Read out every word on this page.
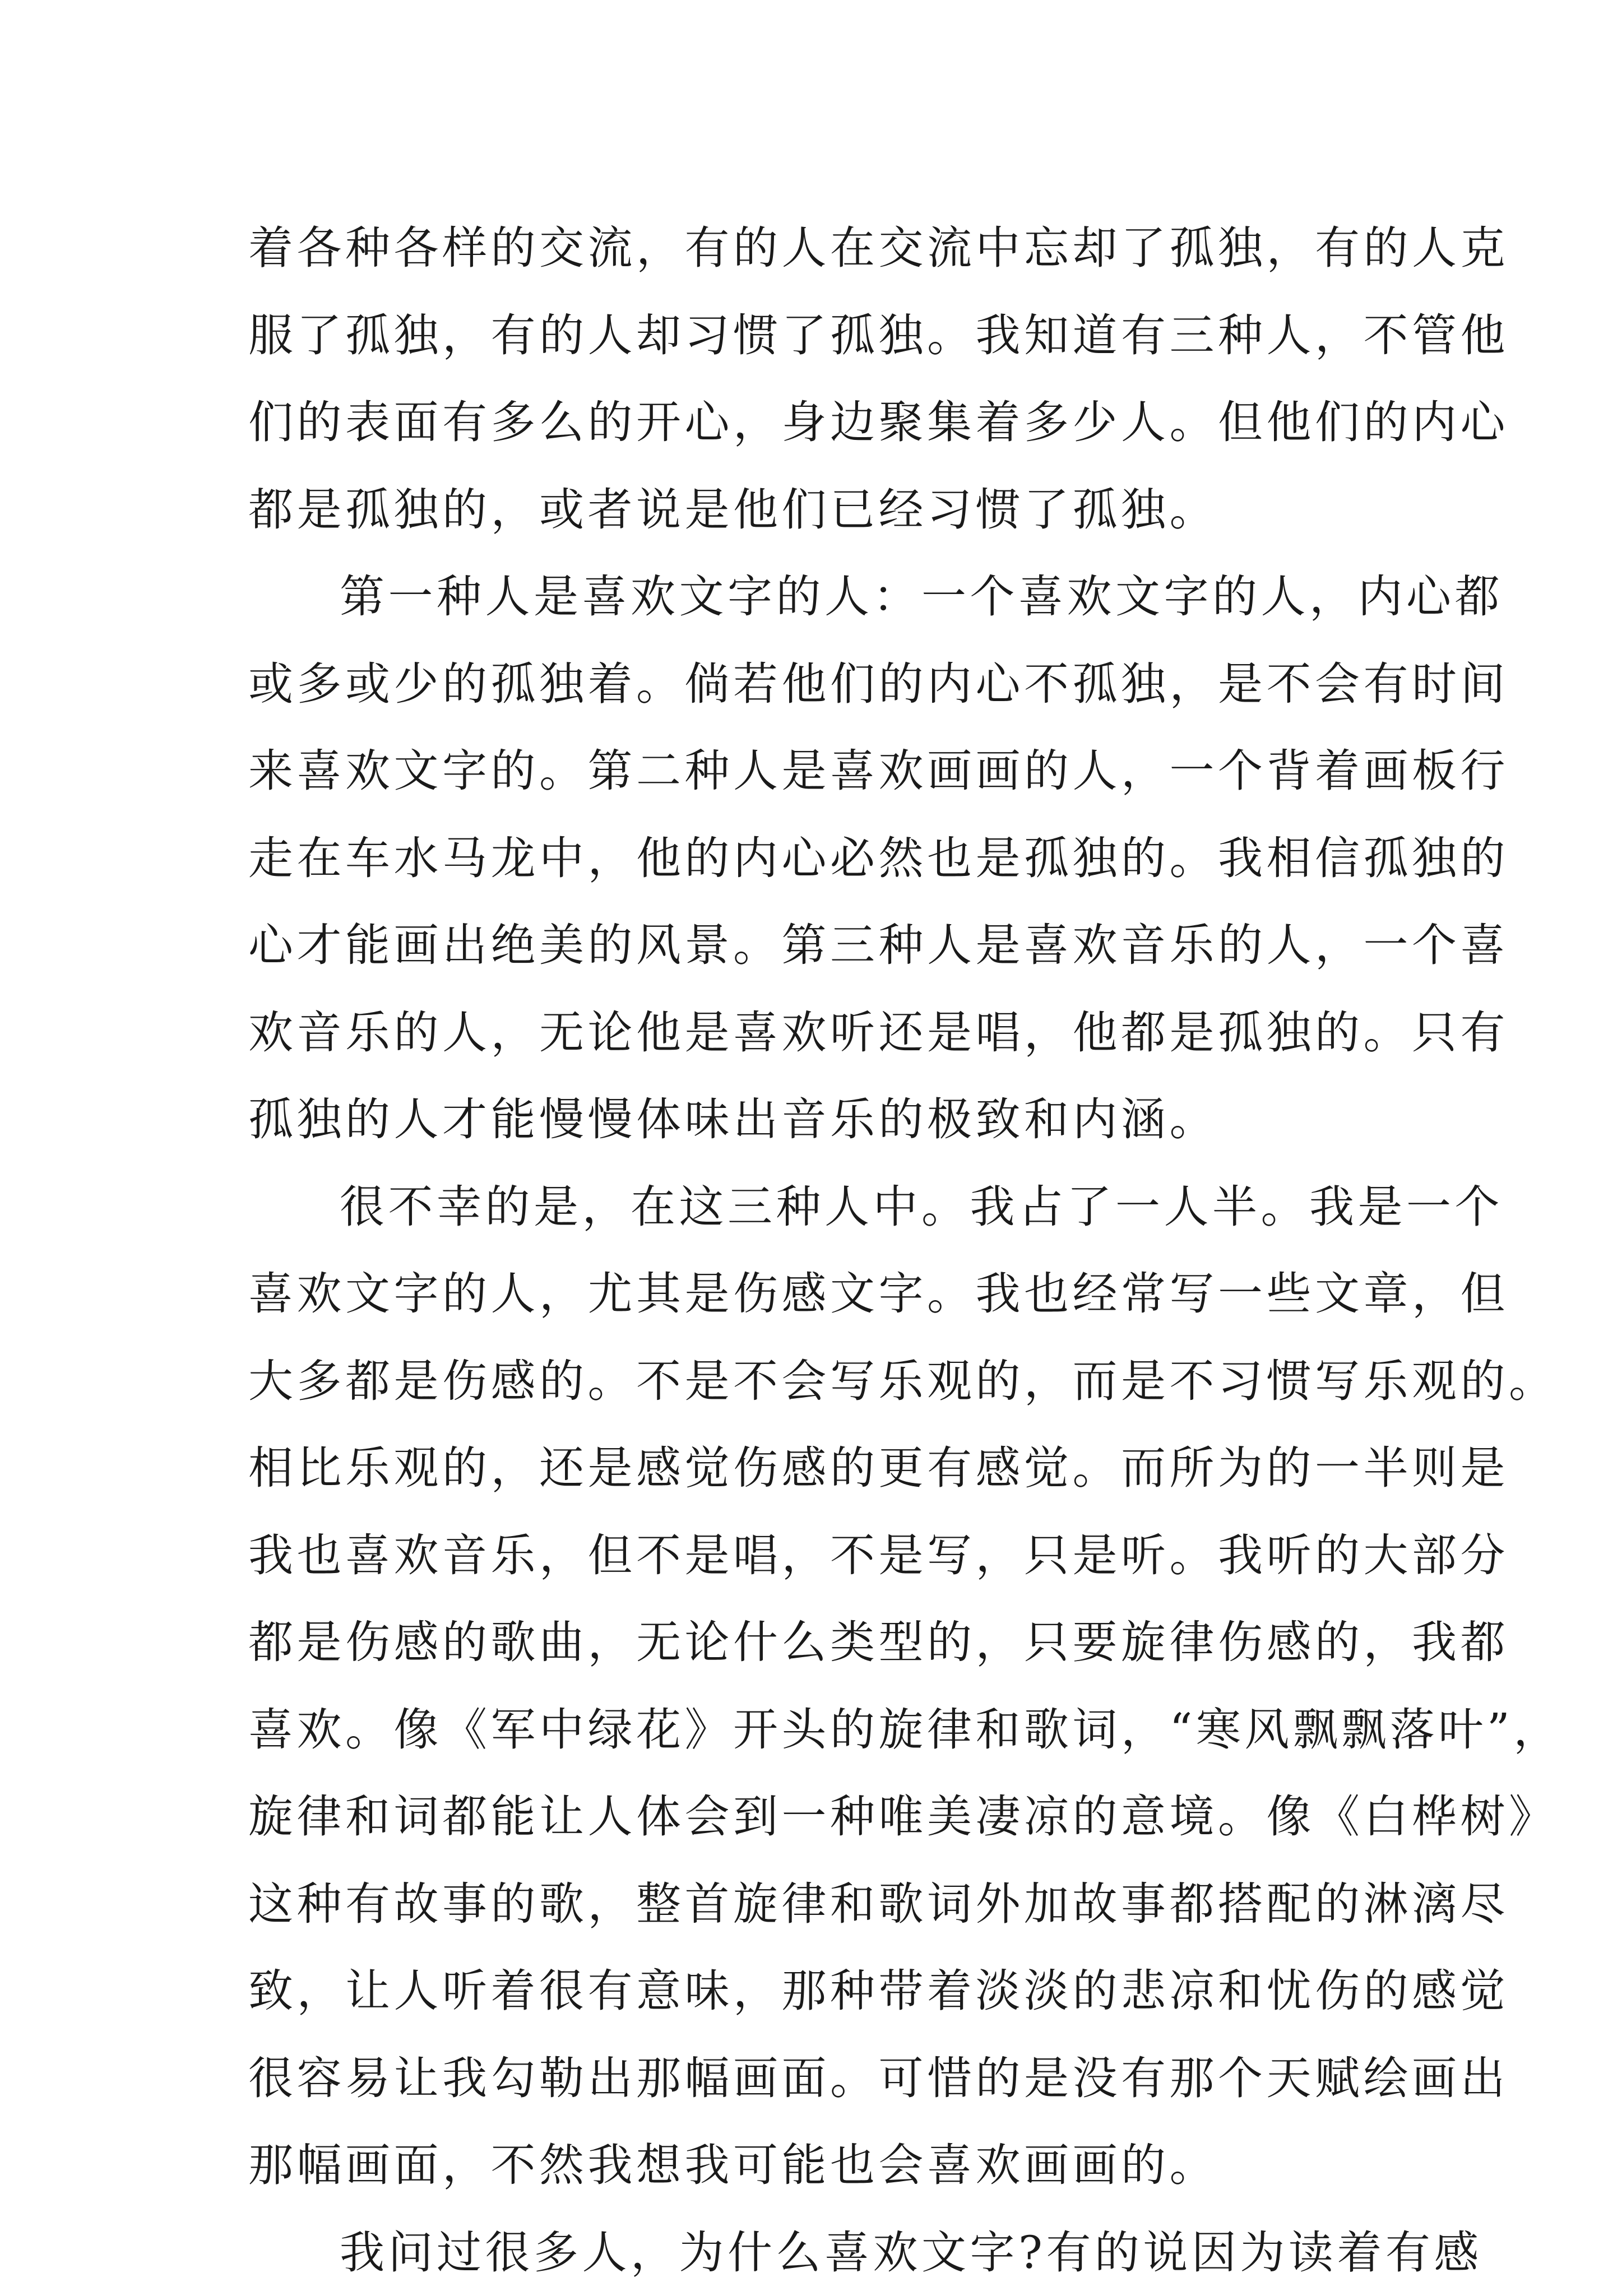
着各种各样的交流，有的人在交流中忘却了孤独，有的人克
服了孤独，有的人却习惯了孤独。我知道有三种人，不管他
们的表面有多么的开心，身边聚集着多少人。但他们的内心
都是孤独的，或者说是他们已经习惯了孤独。
第一种人是喜欢文字的人：一个喜欢文字的人，内心都
或多或少的孤独着。倘若他们的内心不孤独，是不会有时间
来喜欢文字的。第二种人是喜欢画画的人，一个背着画板行
走在车水马龙中，他的内心必然也是孤独的。我相信孤独的
心才能画出绝美的风景。第三种人是喜欢音乐的人，一个喜
欢音乐的人，无论他是喜欢听还是唱，他都是孤独的。只有
孤独的人才能慢慢体味出音乐的极致和内涵。
很不幸的是，在这三种人中。我占了一人半。我是一个
喜欢文字的人，尤其是伤感文字。我也经常写一些文章，但
大多都是伤感的。不是不会写乐观的，而是不习惯写乐观的。
相比乐观的，还是感觉伤感的更有感觉。而所为的一半则是
我也喜欢音乐，但不是唱，不是写，只是听。我听的大部分
都是伤感的歌曲，无论什么类型的，只要旋律伤感的，我都
喜欢。像《军中绿花》开头的旋律和歌词，“寒风飘飘落叶”，
旋律和词都能让人体会到一种唯美凄凉的意境。像《白桦树》
这种有故事的歌，整首旋律和歌词外加故事都搭配的淋漓尽
致，让人听着很有意味，那种带着淡淡的悲凉和忧伤的感觉
很容易让我勾勒出那幅画面。可惜的是没有那个天赋绘画出
那幅画面，不然我想我可能也会喜欢画画的。
我问过很多人，为什么喜欢文字?有的说因为读着有感
